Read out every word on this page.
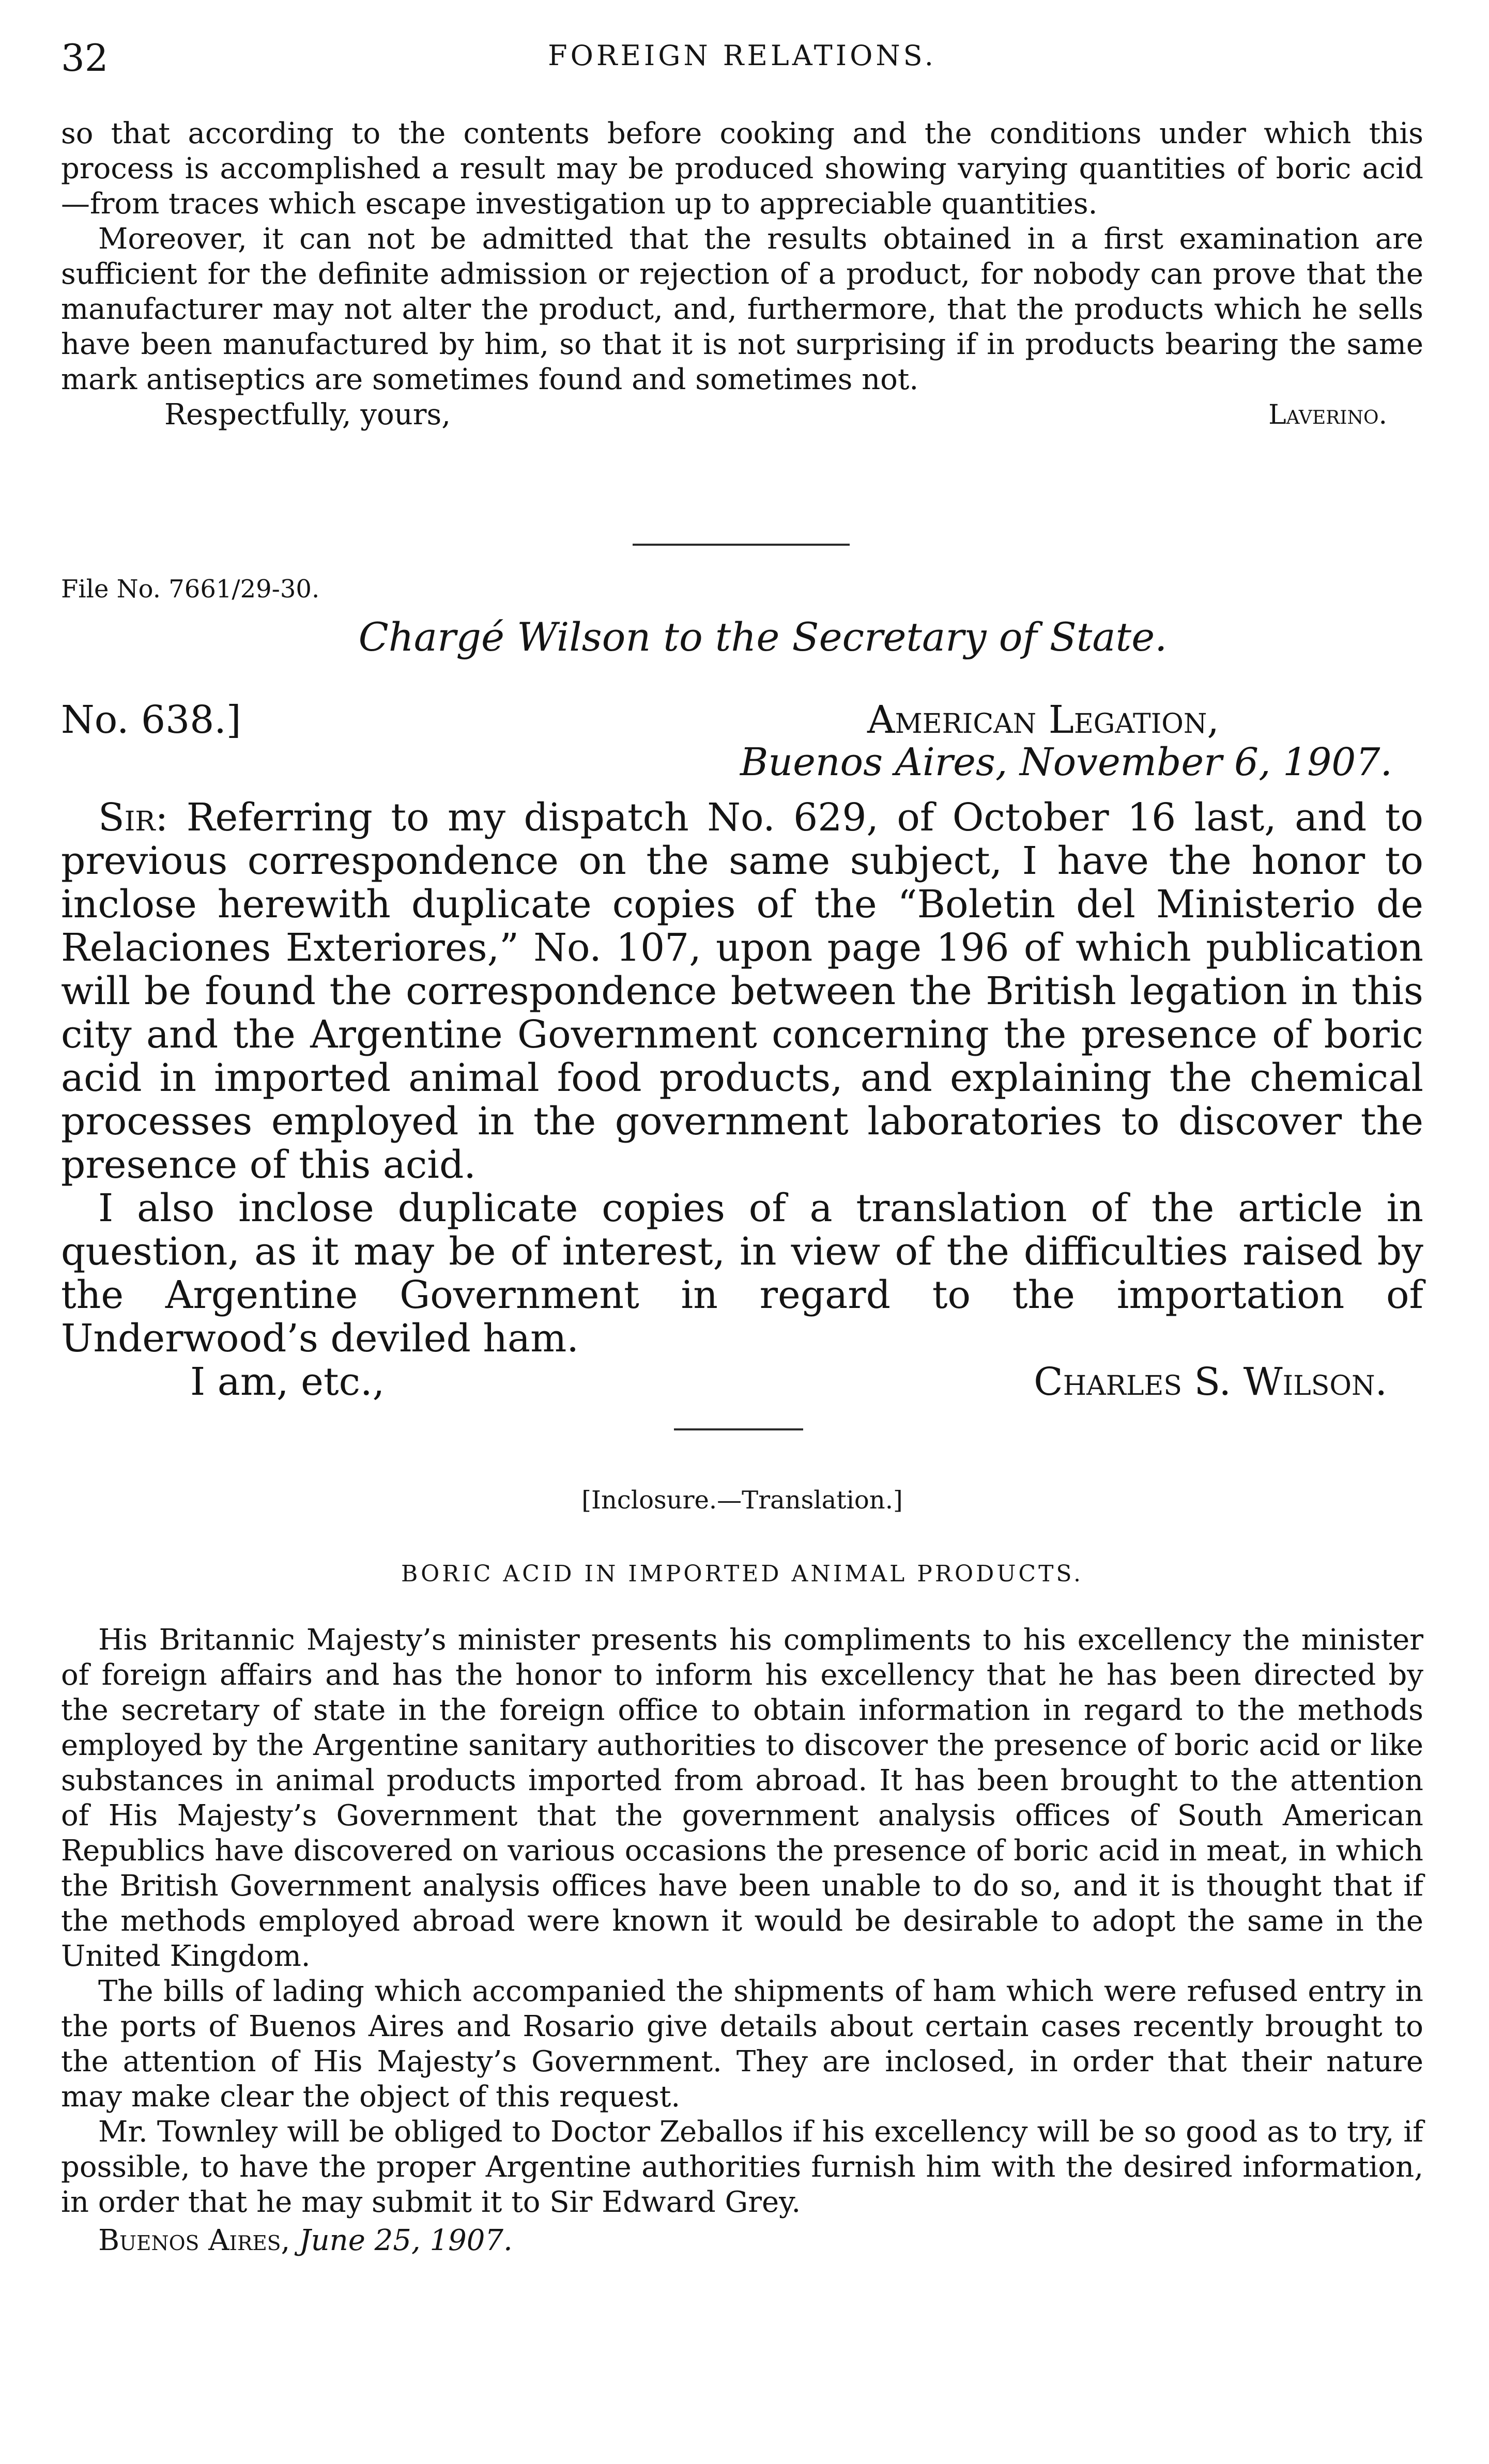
32	FOREIGN RELATIONS.

so that according to the contents before cooking and the conditions under which this process is accomplished a result may be produced showing varying quantities of boric acid—from traces which escape investigation up to appreciable quantities.

Moreover, it can not be admitted that the results obtained in a first examination are sufficient for the definite admission or rejection of a product, for nobody can prove that the manufacturer may not alter the product, and, furthermore, that the products which he sells have been manufactured by him, so that it is not surprising if in products bearing the same mark antiseptics are sometimes found and sometimes not.

Respectfully, yours,	Laverino.
File No. 7661/29-30.
Chargé Wilson to the Secretary of State.
No. 638.]	American Legation,
Buenos Aires, November 6, 1907.

Sir: Referring to my dispatch No. 629, of October 16 last, and to previous correspondence on the same subject, I have the honor to inclose herewith duplicate copies of the “Boletin del Ministerio de Relaciones Exteriores,” No. 107, upon page 196 of which publication will be found the correspondence between the British legation in this city and the Argentine Government concerning the presence of boric acid in imported animal food products, and explaining the chemical processes employed in the government laboratories to discover the presence of this acid.

I also inclose duplicate copies of a translation of the article in question, as it may be of interest, in view of the difficulties raised by the Argentine Government in regard to the importation of Underwood’s deviled ham.

I am, etc.,	Charles S. Wilson.
[Inclosure.—Translation.]
BORIC ACID IN IMPORTED ANIMAL PRODUCTS.

His Britannic Majesty’s minister presents his compliments to his excellency the minister of foreign affairs and has the honor to inform his excellency that he has been directed by the secretary of state in the foreign office to obtain information in regard to the methods employed by the Argentine sanitary authorities to discover the presence of boric acid or like substances in animal products imported from abroad. It has been brought to the attention of His Majesty’s Government that the government analysis offices of South American Republics have discovered on various occasions the presence of boric acid in meat, in which the British Government analysis offices have been unable to do so, and it is thought that if the methods employed abroad were known it would be desirable to adopt the same in the United Kingdom.

The bills of lading which accompanied the shipments of ham which were refused entry in the ports of Buenos Aires and Rosario give details about certain cases recently brought to the attention of His Majesty’s Government. They are inclosed, in order that their nature may make clear the object of this request.

Mr. Townley will be obliged to Doctor Zeballos if his excellency will be so good as to try, if possible, to have the proper Argentine authorities furnish him with the desired information, in order that he may submit it to Sir Edward Grey.

Buenos Aires, June 25, 1907.
